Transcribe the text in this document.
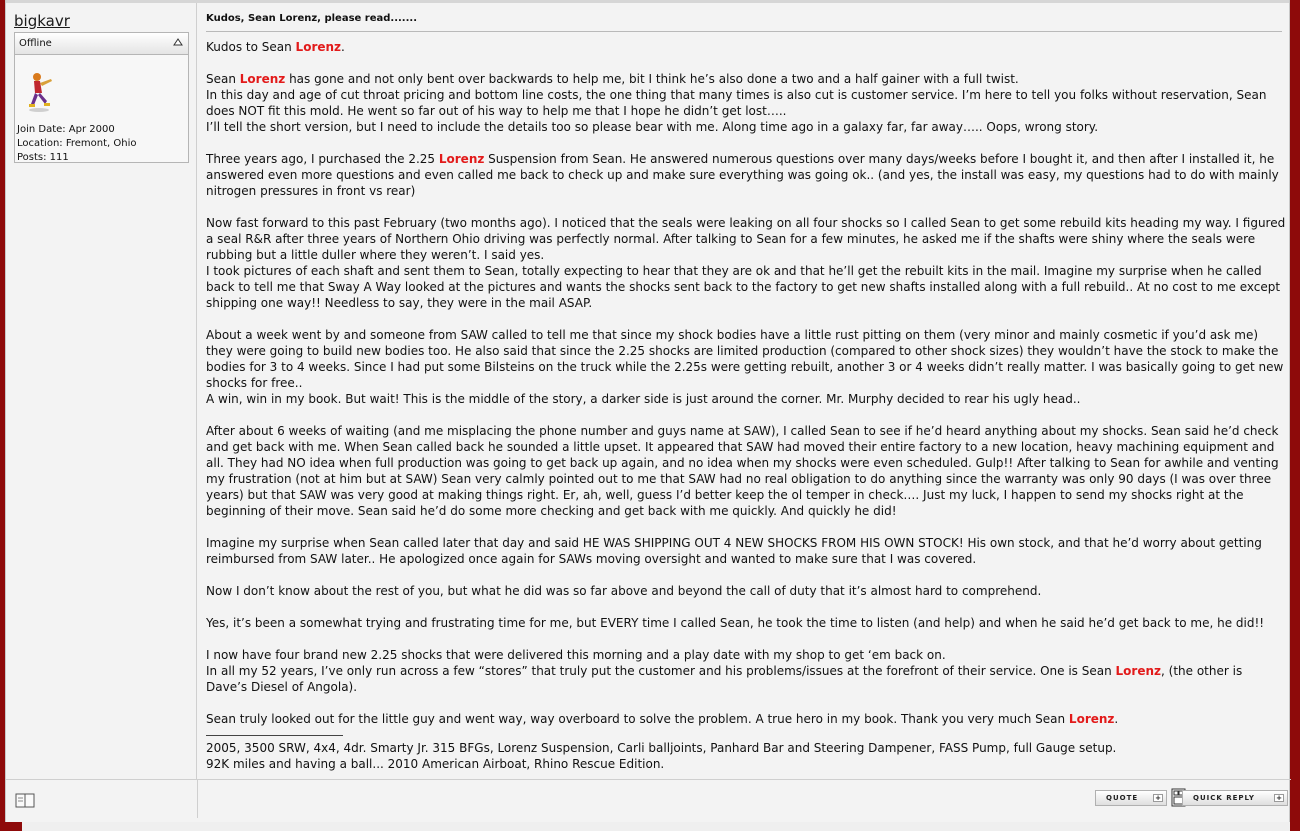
bigkavr
Offline
Join Date: Apr 2000
Location: Fremont, Ohio
Posts: 111
Kudos, Sean Lorenz, please read.......

Kudos to Sean Lorenz.

Sean Lorenz has gone and not only bent over backwards to help me, bit I think he’s also done a two and a half gainer with a full twist.
In this day and age of cut throat pricing and bottom line costs, the one thing that many times is also cut is customer service. I’m here to tell you folks without reservation, Sean does NOT fit this mold. He went so far out of his way to help me that I hope he didn’t get lost…..
I’ll tell the short version, but I need to include the details too so please bear with me. Along time ago in a galaxy far, far away….. Oops, wrong story.

Three years ago, I purchased the 2.25 Lorenz Suspension from Sean. He answered numerous questions over many days/weeks before I bought it, and then after I installed it, he answered even more questions and even called me back to check up and make sure everything was going ok.. (and yes, the install was easy, my questions had to do with mainly nitrogen pressures in front vs rear)

Now fast forward to this past February (two months ago). I noticed that the seals were leaking on all four shocks so I called Sean to get some rebuild kits heading my way. I figured a seal R&R after three years of Northern Ohio driving was perfectly normal. After talking to Sean for a few minutes, he asked me if the shafts were shiny where the seals were rubbing but a little duller where they weren’t. I said yes.
I took pictures of each shaft and sent them to Sean, totally expecting to hear that they are ok and that he’ll get the rebuilt kits in the mail. Imagine my surprise when he called back to tell me that Sway A Way looked at the pictures and wants the shocks sent back to the factory to get new shafts installed along with a full rebuild.. At no cost to me except shipping one way!! Needless to say, they were in the mail ASAP.

About a week went by and someone from SAW called to tell me that since my shock bodies have a little rust pitting on them (very minor and mainly cosmetic if you’d ask me) they were going to build new bodies too. He also said that since the 2.25 shocks are limited production (compared to other shock sizes) they wouldn’t have the stock to make the bodies for 3 to 4 weeks. Since I had put some Bilsteins on the truck while the 2.25s were getting rebuilt, another 3 or 4 weeks didn’t really matter. I was basically going to get new shocks for free..
A win, win in my book. But wait! This is the middle of the story, a darker side is just around the corner. Mr. Murphy decided to rear his ugly head..

After about 6 weeks of waiting (and me misplacing the phone number and guys name at SAW), I called Sean to see if he’d heard anything about my shocks. Sean said he’d check and get back with me. When Sean called back he sounded a little upset. It appeared that SAW had moved their entire factory to a new location, heavy machining equipment and all. They had NO idea when full production was going to get back up again, and no idea when my shocks were even scheduled. Gulp!! After talking to Sean for awhile and venting my frustration (not at him but at SAW) Sean very calmly pointed out to me that SAW had no real obligation to do anything since the warranty was only 90 days (I was over three years) but that SAW was very good at making things right. Er, ah, well, guess I’d better keep the ol temper in check…. Just my luck, I happen to send my shocks right at the beginning of their move. Sean said he’d do some more checking and get back with me quickly. And quickly he did!

Imagine my surprise when Sean called later that day and said HE WAS SHIPPING OUT 4 NEW SHOCKS FROM HIS OWN STOCK! His own stock, and that he’d worry about getting reimbursed from SAW later.. He apologized once again for SAWs moving oversight and wanted to make sure that I was covered.

Now I don’t know about the rest of you, but what he did was so far above and beyond the call of duty that it’s almost hard to comprehend.

Yes, it’s been a somewhat trying and frustrating time for me, but EVERY time I called Sean, he took the time to listen (and help) and when he said he’d get back to me, he did!!

I now have four brand new 2.25 shocks that were delivered this morning and a play date with my shop to get ‘em back on.
In all my 52 years, I’ve only run across a few “stores” that truly put the customer and his problems/issues at the forefront of their service. One is Sean Lorenz, (the other is Dave’s Diesel of Angola).

Sean truly looked out for the little guy and went way, way overboard to solve the problem. A true hero in my book. Thank you very much Sean Lorenz.

2005, 3500 SRW, 4x4, 4dr. Smarty Jr. 315 BFGs, Lorenz Suspension, Carli balljoints, Panhard Bar and Steering Dampener, FASS Pump, full Gauge setup.
92K miles and having a ball... 2010 American Airboat, Rhino Rescue Edition.
QUOTE +	QUICK REPLY	+
